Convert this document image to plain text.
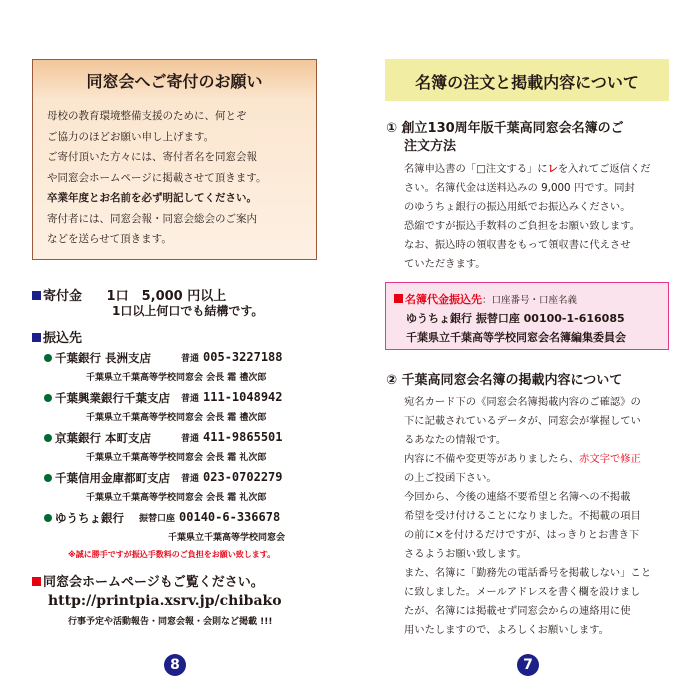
同窓会へご寄付のお願い
母校の教育環境整備支援のために、何とぞ
ご協力のほどお願い申し上げます。
ご寄付頂いた方々には、寄付者名を同窓会報
や同窓会ホームページに掲載させて頂きます。
卒業年度とお名前を必ず明記してください。
寄付者には、同窓会報・同窓会総会のご案内
などを送らせて頂きます。
寄付金 1口　5,000 円以上
1口以上何口でも結構です。
振込先
千葉銀行 長洲支店	普通 005-3227188
千葉県立千葉高等学校同窓会 会長 霜 禮次郎
千葉興業銀行千葉支店	普通 111-1048942
千葉県立千葉高等学校同窓会 会長 霜 禮次郎
京葉銀行 本町支店	普通 411-9865501
千葉県立千葉高等学校同窓会 会長 霜 礼次郎
千葉信用金庫都町支店	普通 023-0702279
千葉県立千葉高等学校同窓会 会長 霜 礼次郎
ゆうちょ銀行	振替口座 00140-6-336678
千葉県立千葉高等学校同窓会
※誠に勝手ですが振込手数料のご負担をお願い致します。
同窓会ホームページもご覧ください。
http://printpia.xsrv.jp/chibako
行事予定や活動報告・同窓会報・会則など掲載 !!!
8
名簿の注文と掲載内容について
① 創立130周年版千葉高同窓会名簿のご
注文方法
名簿申込書の「□注文する」にレを入れてご返信くだ
さい。名簿代金は送料込みの 9,000 円です。同封
のゆうちょ銀行の振込用紙でお振込みください。
恐縮ですが振込手数料のご負担をお願い致します。
なお、振込時の領収書をもって領収書に代えさせ
ていただきます。
名簿代金振込先：口座番号・口座名義
ゆうちょ銀行 振替口座 00100-1-616085
千葉県立千葉高等学校同窓会名簿編集委員会
② 千葉高同窓会名簿の掲載内容について
宛名カード下の《同窓会名簿掲載内容のご確認》の
下に記載されているデータが、同窓会が掌握してい
るあなたの情報です。
内容に不備や変更等がありましたら、赤文字で修正
の上ご投函下さい。
今回から、今後の連絡不要希望と名簿への不掲載
希望を受け付けることになりました。不掲載の項目
の前に×を付けるだけですが、はっきりとお書き下
さるようお願い致します。
また、名簿に「勤務先の電話番号を掲載しない」こと
に致しました。メールアドレスを書く欄を設けまし
たが、名簿には掲載せず同窓会からの連絡用に使
用いたしますので、よろしくお願いします。
7
